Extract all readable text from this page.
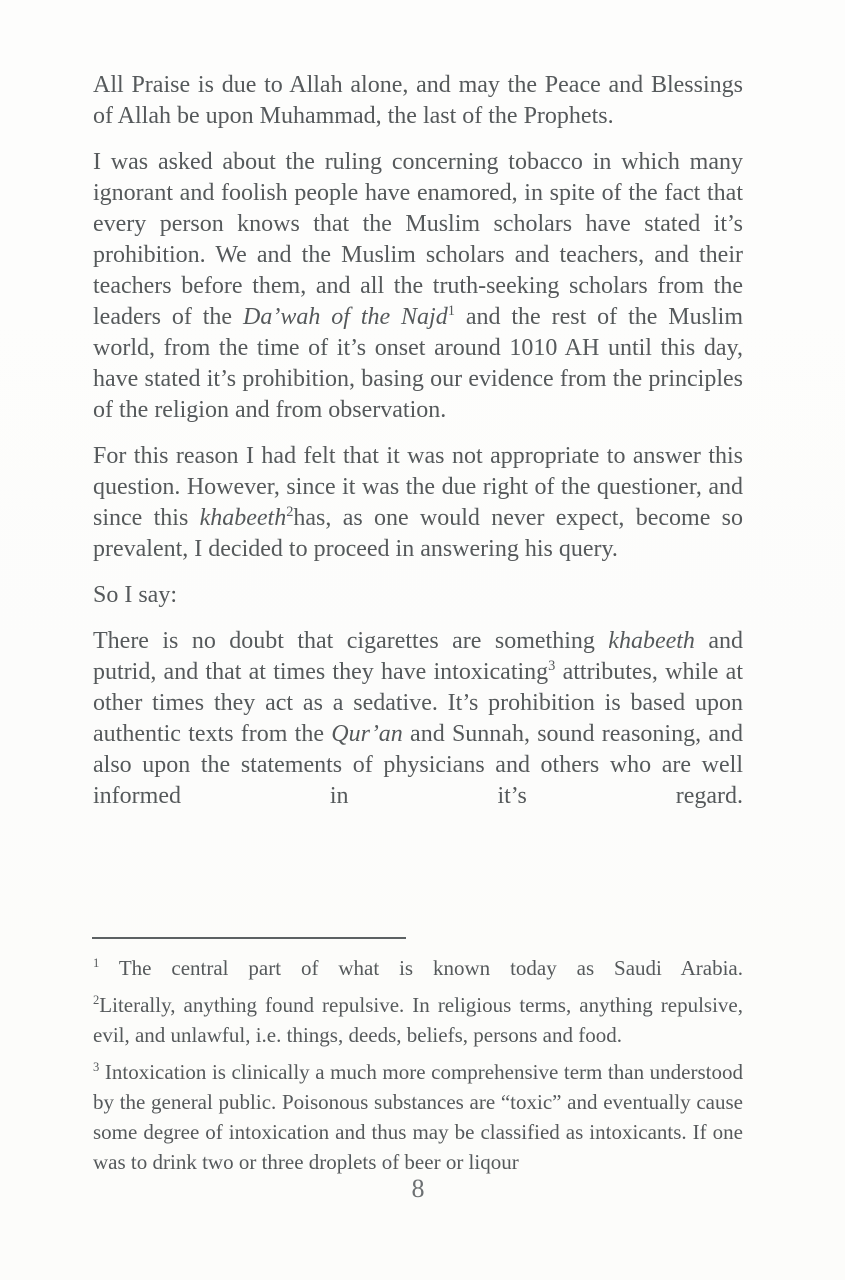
All Praise is due to Allah alone, and may the Peace and Blessings of Allah be upon Muhammad, the last of the Prophets.

I was asked about the ruling concerning tobacco in which many ignorant and foolish people have enamored, in spite of the fact that every person knows that the Muslim scholars have stated it’s prohibition. We and the Muslim scholars and teachers, and their teachers before them, and all the truth-seeking scholars from the leaders of the Da’wah of the Najd$^1$ and the rest of the Muslim world, from the time of it’s onset around 1010 AH until this day, have stated it’s prohibition, basing our evidence from the principles of the religion and from observation.

For this reason I had felt that it was not appropriate to answer this question. However, since it was the due right of the questioner, and since this khabeeth$^2$has, as one would never expect, become so prevalent, I decided to proceed in answering his query.

So I say:

There is no doubt that cigarettes are something khabeeth and putrid, and that at times they have intoxicating$^3$ attributes, while at other times they act as a sedative. It’s prohibition is based upon authentic texts from the Qur’an and Sunnah, sound reasoning, and also upon the statements of physicians and others who are well informed in it’s regard.

$^1$ The central part of what is known today as Saudi Arabia.

$^2$Literally, anything found repulsive. In religious terms, anything repulsive, evil, and unlawful, i.e. things, deeds, beliefs, persons and food.

$^3$ Intoxication is clinically a much more comprehensive term than understood by the general public. Poisonous substances are “toxic” and eventually cause some degree of intoxication and thus may be classified as intoxicants. If one was to drink two or three droplets of beer or liqour

8
